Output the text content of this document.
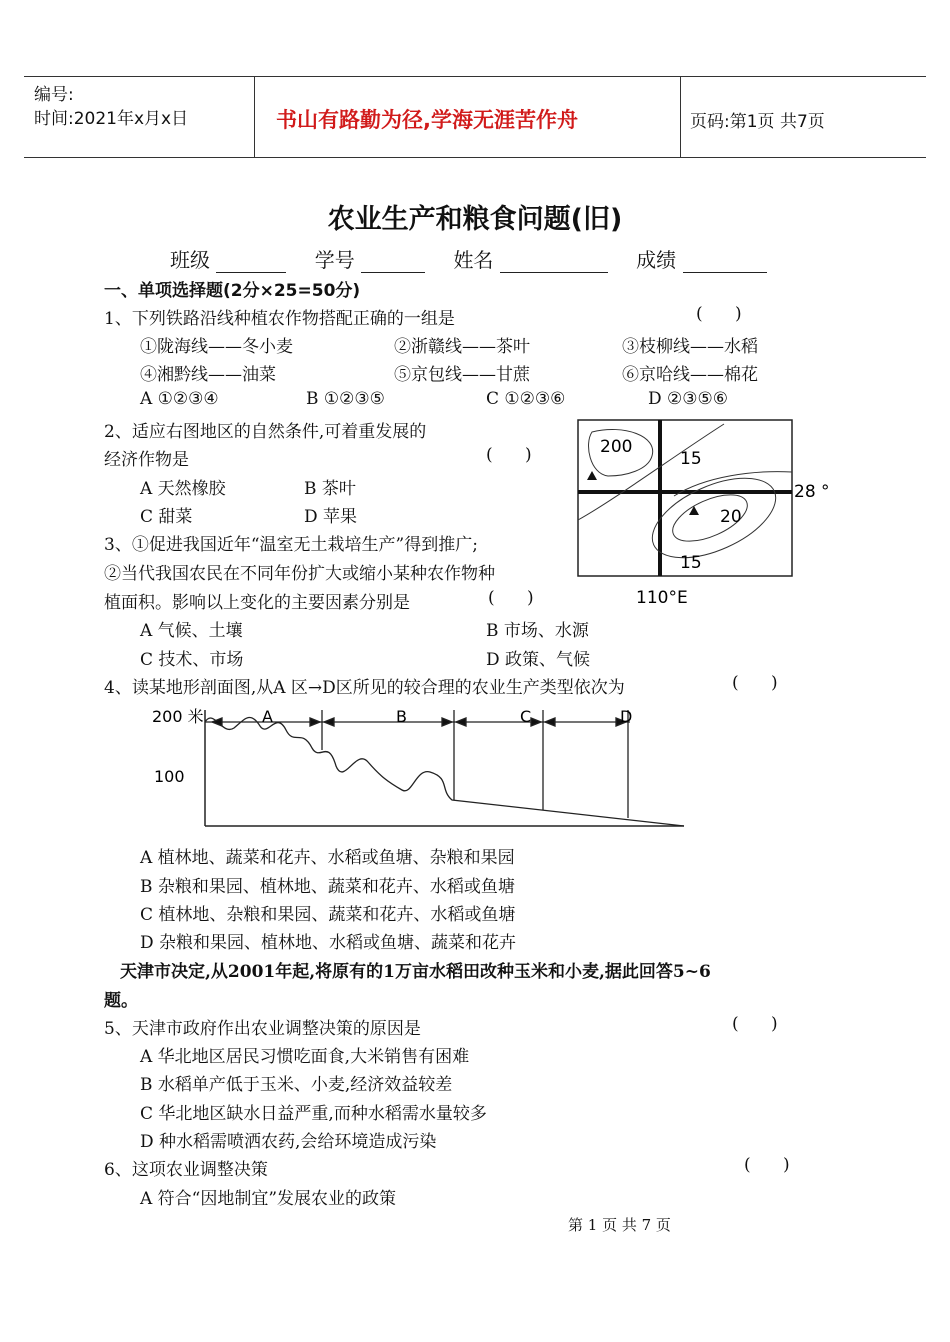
编号:
时间:2021年x月x日	书山有路勤为径,学海无涯苦作舟	页码:第1页 共7页
农业生产和粮食问题(旧)
班级	学号	姓名	成绩
一、单项选择题(2分×25=50分)
1、下列铁路沿线种植农作物搭配正确的一组是	(      )
①陇海线——冬小麦	②浙赣线——茶叶	③枝柳线——水稻
④湘黔线——油菜	⑤京包线——甘蔗	⑥京哈线——棉花
A ①②③④	B ①②③⑤	C ①②③⑥	D ②③⑤⑥
2、适应右图地区的自然条件,可着重发展的
经济作物是	(      )
A 天然橡胶	B 茶叶
C 甜菜	D 苹果
200
15
20
15
28 °
110°E
3、①促进我国近年“温室无土栽培生产”得到推广;
②当代我国农民在不同年份扩大或缩小某种农作物种
植面积。影响以上变化的主要因素分别是	(      )
A 气候、土壤	B 市场、水源
C 技术、市场	D 政策、气候
4、读某地形剖面图,从A 区→D区所见的较合理的农业生产类型依次为	(      )
200 米
100
A	B	C	D
A 植林地、蔬菜和花卉、水稻或鱼塘、杂粮和果园
B 杂粮和果园、植林地、蔬菜和花卉、水稻或鱼塘
C 植林地、杂粮和果园、蔬菜和花卉、水稻或鱼塘
D 杂粮和果园、植林地、水稻或鱼塘、蔬菜和花卉
天津市决定,从2001年起,将原有的1万亩水稻田改种玉米和小麦,据此回答5~6
题。
5、天津市政府作出农业调整决策的原因是	(      )
A 华北地区居民习惯吃面食,大米销售有困难
B 水稻单产低于玉米、小麦,经济效益较差
C 华北地区缺水日益严重,而种水稻需水量较多
D 种水稻需喷洒农药,会给环境造成污染
6、这项农业调整决策	(      )
A 符合“因地制宜”发展农业的政策
第 1 页 共 7 页
